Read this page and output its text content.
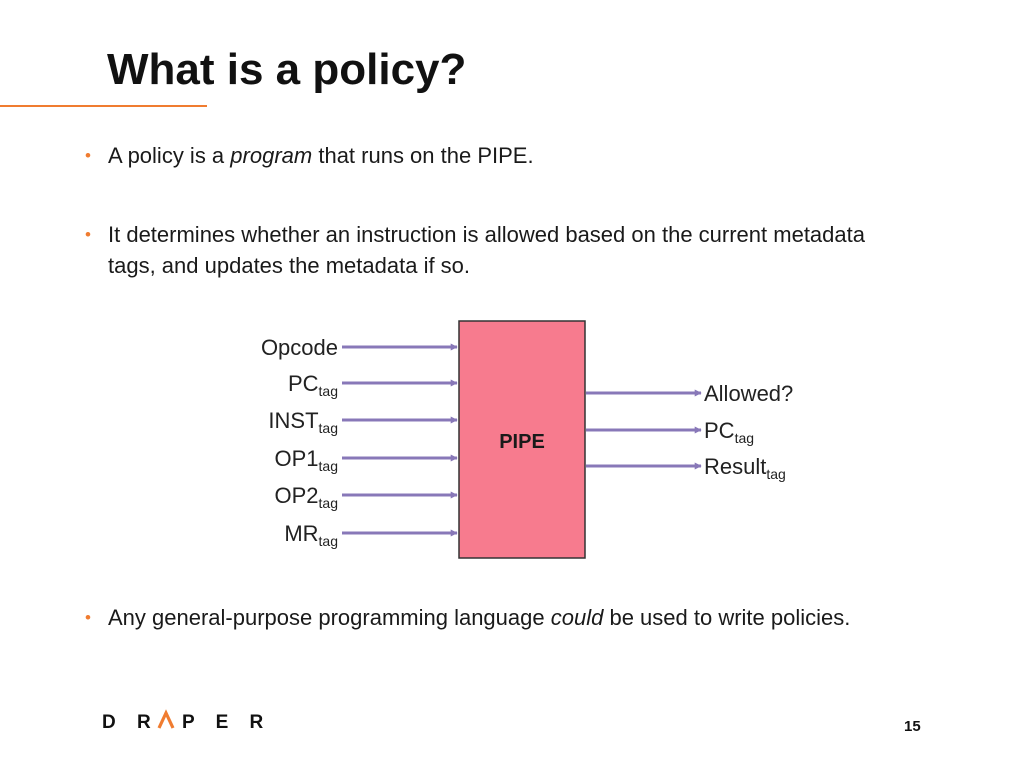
What is a policy?
• A policy is a program that runs on the PIPE.
• It determines whether an instruction is allowed based on the current metadata tags, and updates the metadata if so.
• Any general-purpose programming language could be used to write policies.
PIPE
Opcode
$PC_{tag}$
$INST_{tag}$
$OP1_{tag}$
$OP2_{tag}$
$MR_{tag}$
Allowed?
$PC_{tag}$
Result$_{tag}$
D R P E R	15
